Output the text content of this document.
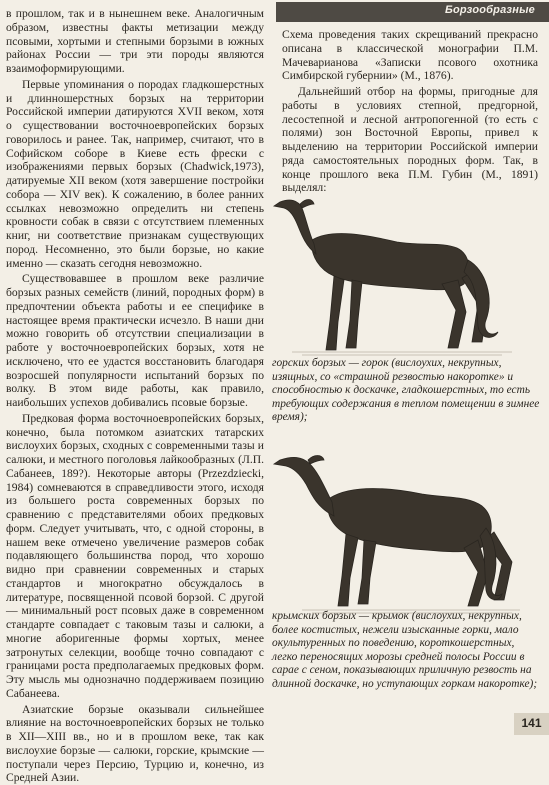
Борзообразные

в прошлом, так и в нынешнем веке. Аналогичным образом, известны факты метизации между псовыми, хортыми и степными борзыми в южных районах России — три эти породы являются взаимоформирующими.

Первые упоминания о породах гладкошерстных и длинношерстных борзых на территории Российской империи датируются XVII веком, хотя о существовании восточноевропейских борзых говорилось и ранее. Так, например, считают, что в Софийском соборе в Киеве есть фрески с изображениями первых борзых (Chadwick,1973), датируемые XII веком (хотя завершение постройки собора — XIV век). К сожалению, в более ранних ссылках невозможно определить ни степень кровности собак в связи с отсутствием племенных книг, ни соответствие признакам существующих пород. Несомненно, это были борзые, но какие именно — сказать сегодня невозможно.

Существовавшее в прошлом веке различие борзых разных семейств (линий, породных форм) в предпочтении объекта работы и ее специфике в настоящее время практически исчезло. В наши дни можно говорить об отсутствии специализации в работе у восточноевропейских борзых, хотя не исключено, что ее удастся восстановить благодаря возросшей популярности испытаний борзых по волку. В этом виде работы, как правило, наибольших успехов добивались псовые борзые.

Предковая форма восточноевропейских борзых, конечно, была потомком азиатских татарских вислоухих борзых, сходных с современными тазы и салюки, и местного поголовья лайкообразных (Л.П. Сабанеев, 189?). Некоторые авторы (Przezdziecki, 1984) сомневаются в справедливости этого, исходя из большего роста современных борзых по сравнению с представителями обоих предковых форм. Следует учитывать, что, с одной стороны, в нашем веке отмечено увеличение размеров собак подавляющего большинства пород, что хорошо видно при сравнении современных и старых стандартов и многократно обсуждалось в литературе, посвященной псовой борзой. С другой — минимальный рост псовых даже в современном стандарте совпадает с таковым тазы и салюки, а многие аборигенные формы хортых, менее затронутых селекции, вообще точно совпадают с границами роста предполагаемых предковых форм. Эту мысль мы однозначно поддерживаем позицию Сабанеева.

Азиатские борзые оказывали сильнейшее влияние на восточноевропейских борзых не только в XII—XIII вв., но и в прошлом веке, так как вислоухие борзые — салюки, горские, крымские — поступали через Персию, Турцию и, конечно, из Средней Азии.

Схема проведения таких скрещиваний прекрасно описана в классической монографии П.М. Мачеварианова «Записки псового охотника Симбирской губернии» (М., 1876).

Дальнейший отбор на формы, пригодные для работы в условиях степной, предгорной, лесостепной и лесной антропогенной (то есть с полями) зон Восточной Европы, привел к выделению на территории Российской империи ряда самостоятельных породных форм. Так, в конце прошлого века П.М. Губин (М., 1891) выделял:

горских борзых — горок (вислоухих, некрупных, изящных, со «страшной резвостью накоротке» и способностью к доскачке, гладкошерстных, то есть требующих содержания в теплом помещении в зимнее время);
крымских борзых — крымок (вислоухих, некрупных, более костистых, нежели изысканные горки, мало окультуренных по поведению, короткошерстных, легко переносящих морозы средней полосы России в сарае с сеном, показывающих приличную резвость на длинной доскачке, но уступающих горкам накоротке);
141
